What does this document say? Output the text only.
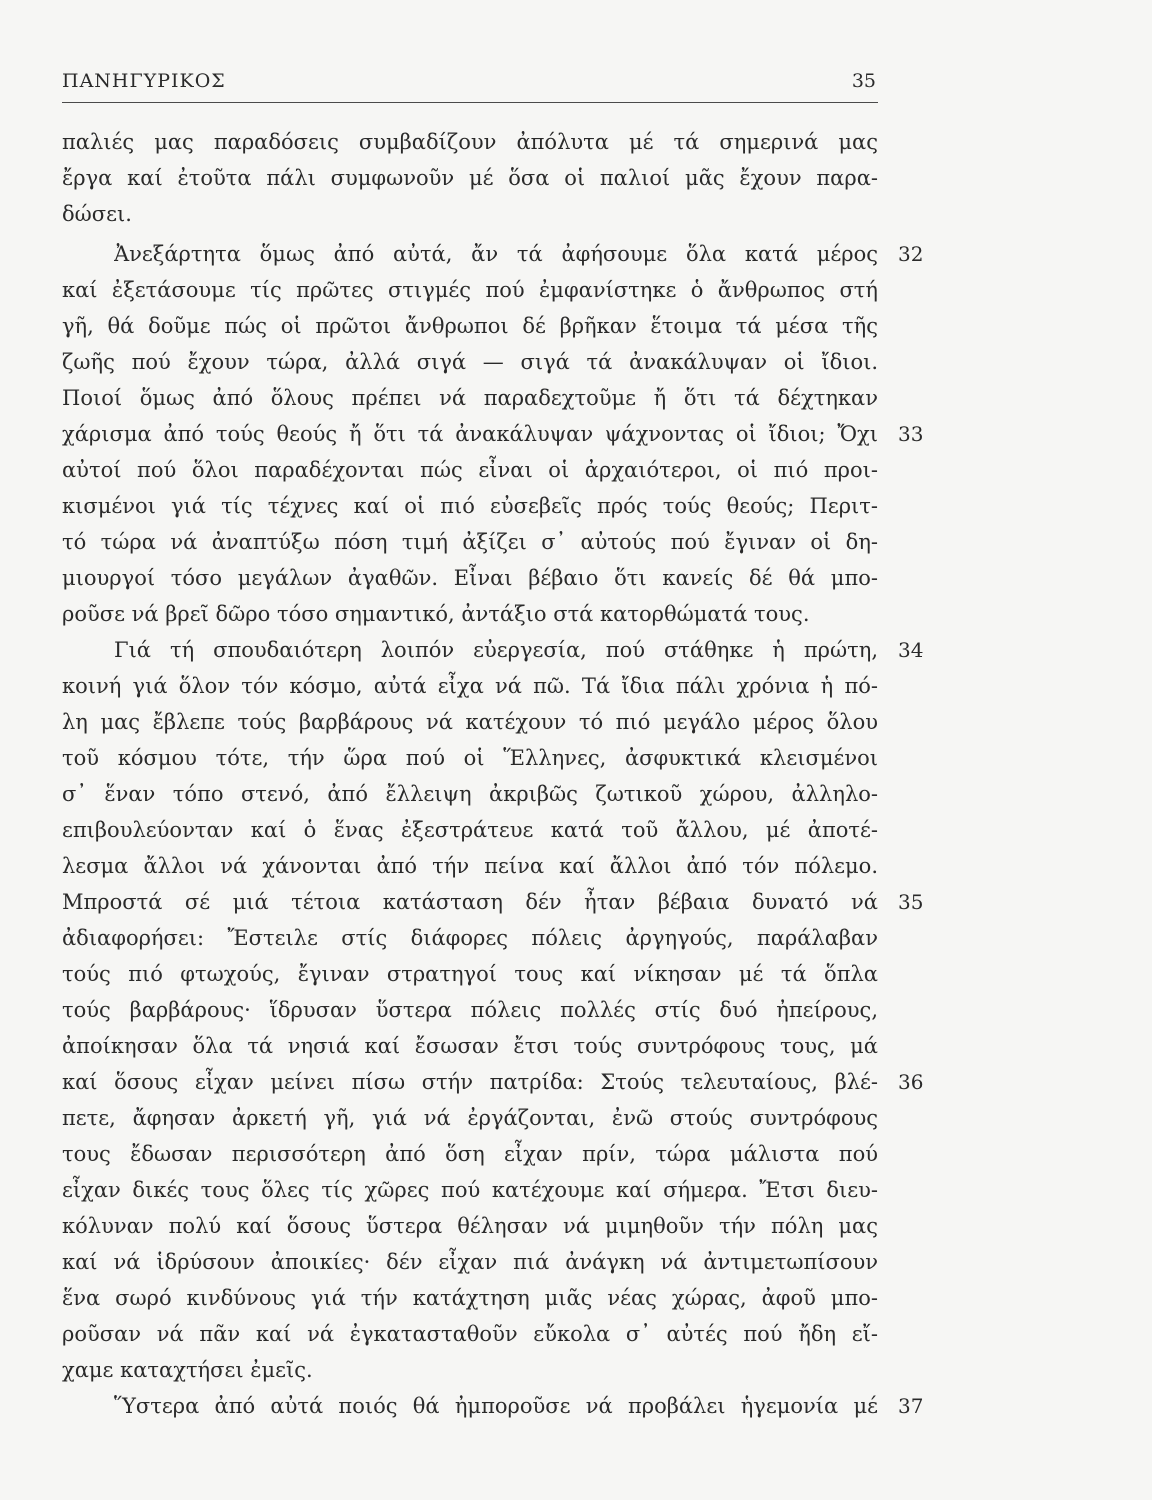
ΠΑΝΗΓΥΡΙΚΟΣ	35
παλιές μας παραδόσεις συμβαδίζουν ἀπόλυτα μέ τά σημερινά μας
ἔργα καί ἐτοῦτα πάλι συμφωνοῦν μέ ὅσα οἱ παλιοί μᾶς ἔχουν παρα-
δώσει.
Ἀνεξάρτητα ὅμως ἀπό αὐτά, ἄν τά ἀφήσουμε ὅλα κατά μέρος
καί ἐξετάσουμε τίς πρῶτες στιγμές πού ἐμφανίστηκε ὁ ἄνθρωπος στή
γῆ, θά δοῦμε πώς οἱ πρῶτοι ἄνθρωποι δέ βρῆκαν ἕτοιμα τά μέσα τῆς
ζωῆς πού ἔχουν τώρα, ἀλλά σιγά — σιγά τά ἀνακάλυψαν οἱ ἴδιοι.
Ποιοί ὅμως ἀπό ὅλους πρέπει νά παραδεχτοῦμε ἤ ὅτι τά δέχτηκαν
χάρισμα ἀπό τούς θεούς ἤ ὅτι τά ἀνακάλυψαν ψάχνοντας οἱ ἴδιοι; Ὄχι
αὐτοί πού ὅλοι παραδέχονται πώς εἶναι οἱ ἀρχαιότεροι, οἱ πιό προι-
κισμένοι γιά τίς τέχνες καί οἱ πιό εὐσεβεῖς πρός τούς θεούς; Περιτ-
τό τώρα νά ἀναπτύξω πόση τιμή ἀξίζει σ᾿ αὐτούς πού ἔγιναν οἱ δη-
μιουργοί τόσο μεγάλων ἀγαθῶν. Εἶναι βέβαιο ὅτι κανείς δέ θά μπο-
ροῦσε νά βρεῖ δῶρο τόσο σημαντικό, ἀντάξιο στά κατορθώματά τους.
Γιά τή σπουδαιότερη λοιπόν εὐεργεσία, πού στάθηκε ἡ πρώτη,
κοινή γιά ὅλον τόν κόσμο, αὐτά εἶχα νά πῶ. Τά ἴδια πάλι χρόνια ἡ πό-
λη μας ἔβλεπε τούς βαρβάρους νά κατέχουν τό πιό μεγάλο μέρος ὅλου
τοῦ κόσμου τότε, τήν ὥρα πού οἱ Ἕλληνες, ἀσφυκτικά κλεισμένοι
σ᾿ ἕναν τόπο στενό, ἀπό ἔλλειψη ἀκριβῶς ζωτικοῦ χώρου, ἀλληλο-
επιβουλεύονταν καί ὁ ἕνας ἐξεστράτευε κατά τοῦ ἄλλου, μέ ἀποτέ-
λεσμα ἄλλοι νά χάνονται ἀπό τήν πείνα καί ἄλλοι ἀπό τόν πόλεμο.
Μπροστά σέ μιά τέτοια κατάσταση δέν ἦταν βέβαια δυνατό νά
ἀδιαφορήσει: Ἔστειλε στίς διάφορες πόλεις ἀργηγούς, παράλαβαν
τούς πιό φτωχούς, ἔγιναν στρατηγοί τους καί νίκησαν μέ τά ὅπλα
τούς βαρβάρους· ἵδρυσαν ὕστερα πόλεις πολλές στίς δυό ἠπείρους,
ἀποίκησαν ὅλα τά νησιά καί ἔσωσαν ἔτσι τούς συντρόφους τους, μά
καί ὅσους εἶχαν μείνει πίσω στήν πατρίδα: Στούς τελευταίους, βλέ-
πετε, ἄφησαν ἀρκετή γῆ, γιά νά ἐργάζονται, ἐνῶ στούς συντρόφους
τους ἔδωσαν περισσότερη ἀπό ὅση εἶχαν πρίν, τώρα μάλιστα πού
εἶχαν δικές τους ὅλες τίς χῶρες πού κατέχουμε καί σήμερα. Ἔτσι διευ-
κόλυναν πολύ καί ὅσους ὕστερα θέλησαν νά μιμηθοῦν τήν πόλη μας
καί νά ἱδρύσουν ἀποικίες· δέν εἶχαν πιά ἀνάγκη νά ἀντιμετωπίσουν
ἕνα σωρό κινδύνους γιά τήν κατάχτηση μιᾶς νέας χώρας, ἀφοῦ μπο-
ροῦσαν νά πᾶν καί νά ἐγκατασταθοῦν εὔκολα σ᾿ αὐτές πού ἤδη εἴ-
χαμε καταχτήσει ἐμεῖς.
Ὕστερα ἀπό αὐτά ποιός θά ἠμποροῦσε νά προβάλει ἡγεμονία μέ
32
33
34
35
36
37
